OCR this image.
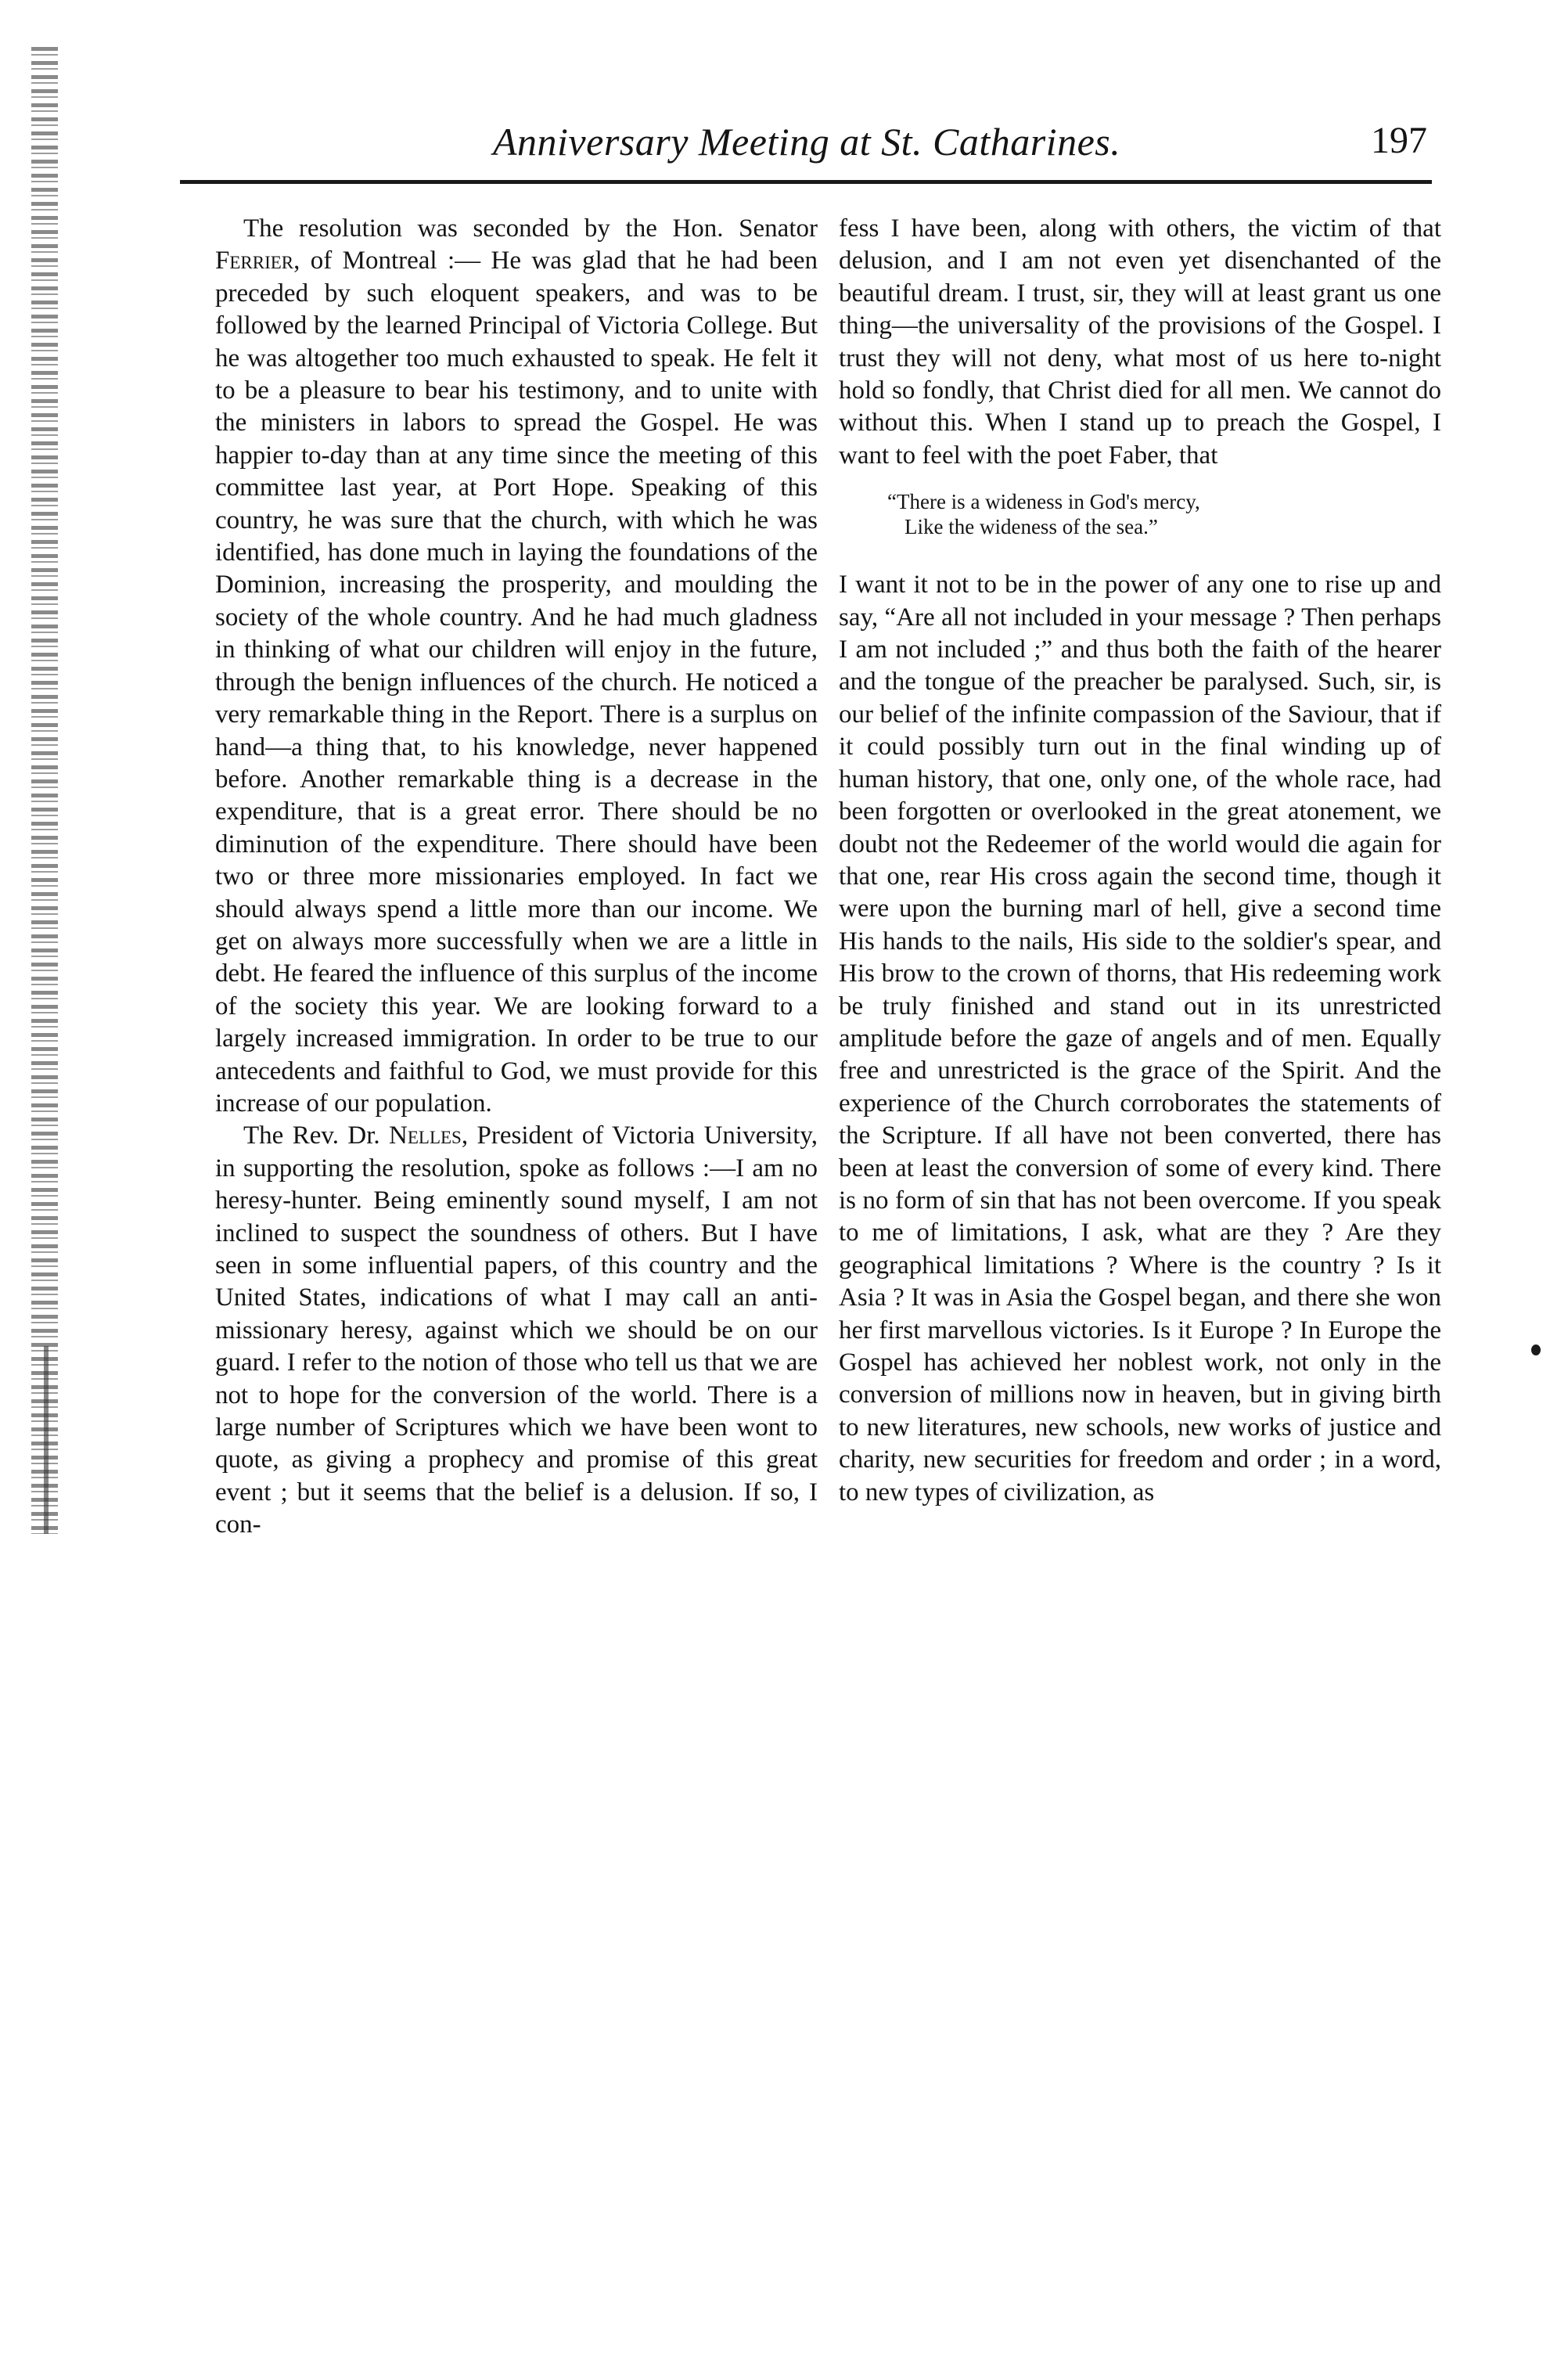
Anniversary Meeting at St. Catharines.	197

The resolution was seconded by the Hon. Senator Ferrier, of Montreal :— He was glad that he had been preceded by such eloquent speakers, and was to be followed by the learned Principal of Victoria College. But he was altogether too much exhausted to speak. He felt it to be a pleasure to bear his testimony, and to unite with the ministers in labors to spread the Gospel. He was happier to-day than at any time since the meeting of this committee last year, at Port Hope. Speaking of this country, he was sure that the church, with which he was identified, has done much in laying the foundations of the Dominion, increasing the prosperity, and moulding the society of the whole country. And he had much gladness in thinking of what our children will enjoy in the future, through the benign influences of the church. He noticed a very remarkable thing in the Report. There is a surplus on hand—a thing that, to his knowledge, never happened before. Another remarkable thing is a decrease in the expenditure, that is a great error. There should be no diminution of the expenditure. There should have been two or three more missionaries employed. In fact we should always spend a little more than our income. We get on always more successfully when we are a little in debt. He feared the influence of this surplus of the income of the society this year. We are looking forward to a largely increased immigration. In order to be true to our antecedents and faithful to God, we must provide for this increase of our population.

The Rev. Dr. Nelles, President of Victoria University, in supporting the resolution, spoke as follows :—I am no heresy-hunter. Being eminently sound myself, I am not inclined to suspect the soundness of others. But I have seen in some influential papers, of this country and the United States, indications of what I may call an anti-missionary heresy, against which we should be on our guard. I refer to the notion of those who tell us that we are not to hope for the conversion of the world. There is a large number of Scriptures which we have been wont to quote, as giving a prophecy and promise of this great event ; but it seems that the belief is a delusion. If so, I con-

fess I have been, along with others, the victim of that delusion, and I am not even yet disenchanted of the beautiful dream. I trust, sir, they will at least grant us one thing—the universality of the provisions of the Gospel. I trust they will not deny, what most of us here to-night hold so fondly, that Christ died for all men. We cannot do without this. When I stand up to preach the Gospel, I want to feel with the poet Faber, that

“There is a wideness in God's mercy,
Like the wideness of the sea.”

I want it not to be in the power of any one to rise up and say, “Are all not included in your message ? Then perhaps I am not included ;” and thus both the faith of the hearer and the tongue of the preacher be paralysed. Such, sir, is our belief of the infinite compassion of the Saviour, that if it could possibly turn out in the final winding up of human history, that one, only one, of the whole race, had been forgotten or overlooked in the great atonement, we doubt not the Redeemer of the world would die again for that one, rear His cross again the second time, though it were upon the burning marl of hell, give a second time His hands to the nails, His side to the soldier's spear, and His brow to the crown of thorns, that His redeeming work be truly finished and stand out in its unrestricted amplitude before the gaze of angels and of men. Equally free and unrestricted is the grace of the Spirit. And the experience of the Church corroborates the statements of the Scripture. If all have not been converted, there has been at least the conversion of some of every kind. There is no form of sin that has not been overcome. If you speak to me of limitations, I ask, what are they ? Are they geographical limitations ? Where is the country ? Is it Asia ? It was in Asia the Gospel began, and there she won her first marvellous victories. Is it Europe ? In Europe the Gospel has achieved her noblest work, not only in the conversion of millions now in heaven, but in giving birth to new literatures, new schools, new works of justice and charity, new securities for freedom and order ; in a word, to new types of civilization, as
